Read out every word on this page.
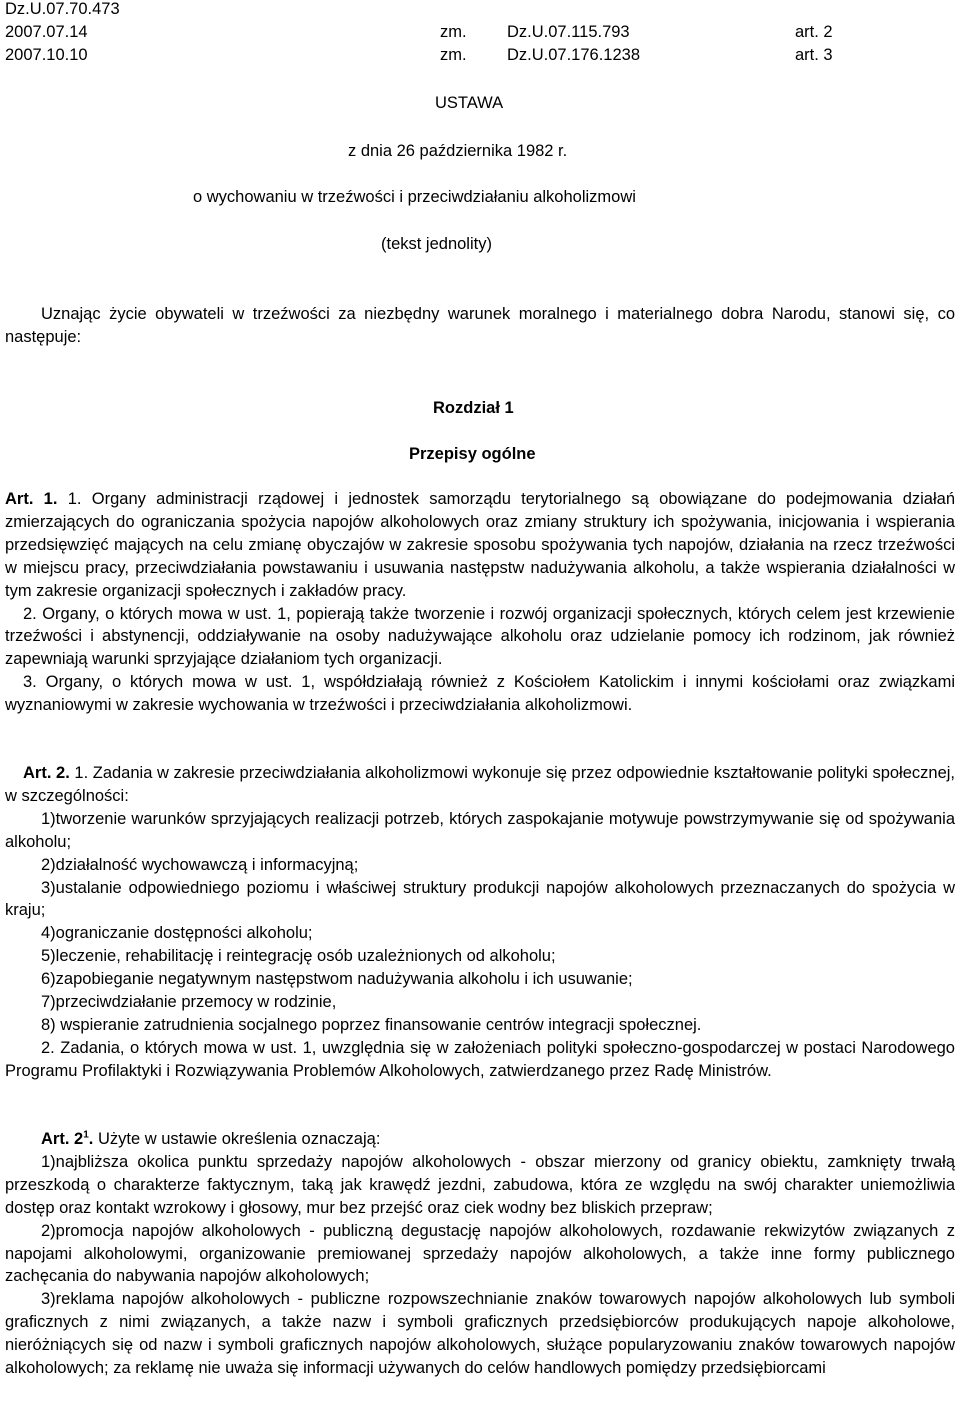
Dz.U.07.70.473
2007.07.14	zm. Dz.U.07.115.793	art. 2
2007.10.10	zm. Dz.U.07.176.1238	art. 3
USTAWA
z dnia 26 października 1982 r.
o wychowaniu w trzeźwości i przeciwdziałaniu alkoholizmowi
(tekst jednolity)

Uznając życie obywateli w trzeźwości za niezbędny warunek moralnego i materialnego dobra Narodu, stanowi się, co następuje:

Rozdział 1
Przepisy ogólne

Art. 1. 1. Organy administracji rządowej i jednostek samorządu terytorialnego są obowiązane do podejmowania działań zmierzających do ograniczania spożycia napojów alkoholowych oraz zmiany struktury ich spożywania, inicjowania i wspierania przedsięwzięć mających na celu zmianę obyczajów w zakresie sposobu spożywania tych napojów, działania na rzecz trzeźwości w miejscu pracy, przeciwdziałania powstawaniu i usuwania następstw nadużywania alkoholu, a także wspierania działalności w tym zakresie organizacji społecznych i zakładów pracy.

2. Organy, o których mowa w ust. 1, popierają także tworzenie i rozwój organizacji społecznych, których celem jest krzewienie trzeźwości i abstynencji, oddziaływanie na osoby nadużywające alkoholu oraz udzielanie pomocy ich rodzinom, jak również zapewniają warunki sprzyjające działaniom tych organizacji.

3. Organy, o których mowa w ust. 1, współdziałają również z Kościołem Katolickim i innymi kościołami oraz związkami wyznaniowymi w zakresie wychowania w trzeźwości i przeciwdziałania alkoholizmowi.

Art. 2. 1. Zadania w zakresie przeciwdziałania alkoholizmowi wykonuje się przez odpowiednie kształtowanie polityki społecznej, w szczególności:

1)tworzenie warunków sprzyjających realizacji potrzeb, których zaspokajanie motywuje powstrzymywanie się od spożywania alkoholu;

2)działalność wychowawczą i informacyjną;

3)ustalanie odpowiedniego poziomu i właściwej struktury produkcji napojów alkoholowych przeznaczanych do spożycia w kraju;

4)ograniczanie dostępności alkoholu;

5)leczenie, rehabilitację i reintegrację osób uzależnionych od alkoholu;

6)zapobieganie negatywnym następstwom nadużywania alkoholu i ich usuwanie;

7)przeciwdziałanie przemocy w rodzinie,

8) wspieranie zatrudnienia socjalnego poprzez finansowanie centrów integracji społecznej.

2. Zadania, o których mowa w ust. 1, uwzględnia się w założeniach polityki społeczno-gospodarczej w postaci Narodowego Programu Profilaktyki i Rozwiązywania Problemów Alkoholowych, zatwierdzanego przez Radę Ministrów.

Art. $2^1$. Użyte w ustawie określenia oznaczają:

1)najbliższa okolica punktu sprzedaży napojów alkoholowych - obszar mierzony od granicy obiektu, zamknięty trwałą przeszkodą o charakterze faktycznym, taką jak krawędź jezdni, zabudowa, która ze względu na swój charakter uniemożliwia dostęp oraz kontakt wzrokowy i głosowy, mur bez przejść oraz ciek wodny bez bliskich przepraw;

2)promocja napojów alkoholowych - publiczną degustację napojów alkoholowych, rozdawanie rekwizytów związanych z napojami alkoholowymi, organizowanie premiowanej sprzedaży napojów alkoholowych, a także inne formy publicznego zachęcania do nabywania napojów alkoholowych;

3)reklama napojów alkoholowych - publiczne rozpowszechnianie znaków towarowych napojów alkoholowych lub symboli graficznych z nimi związanych, a także nazw i symboli graficznych przedsiębiorców produkujących napoje alkoholowe, nieróżniących się od nazw i symboli graficznych napojów alkoholowych, służące popularyzowaniu znaków towarowych napojów alkoholowych; za reklamę nie uważa się informacji używanych do celów handlowych pomiędzy przedsiębiorcami
